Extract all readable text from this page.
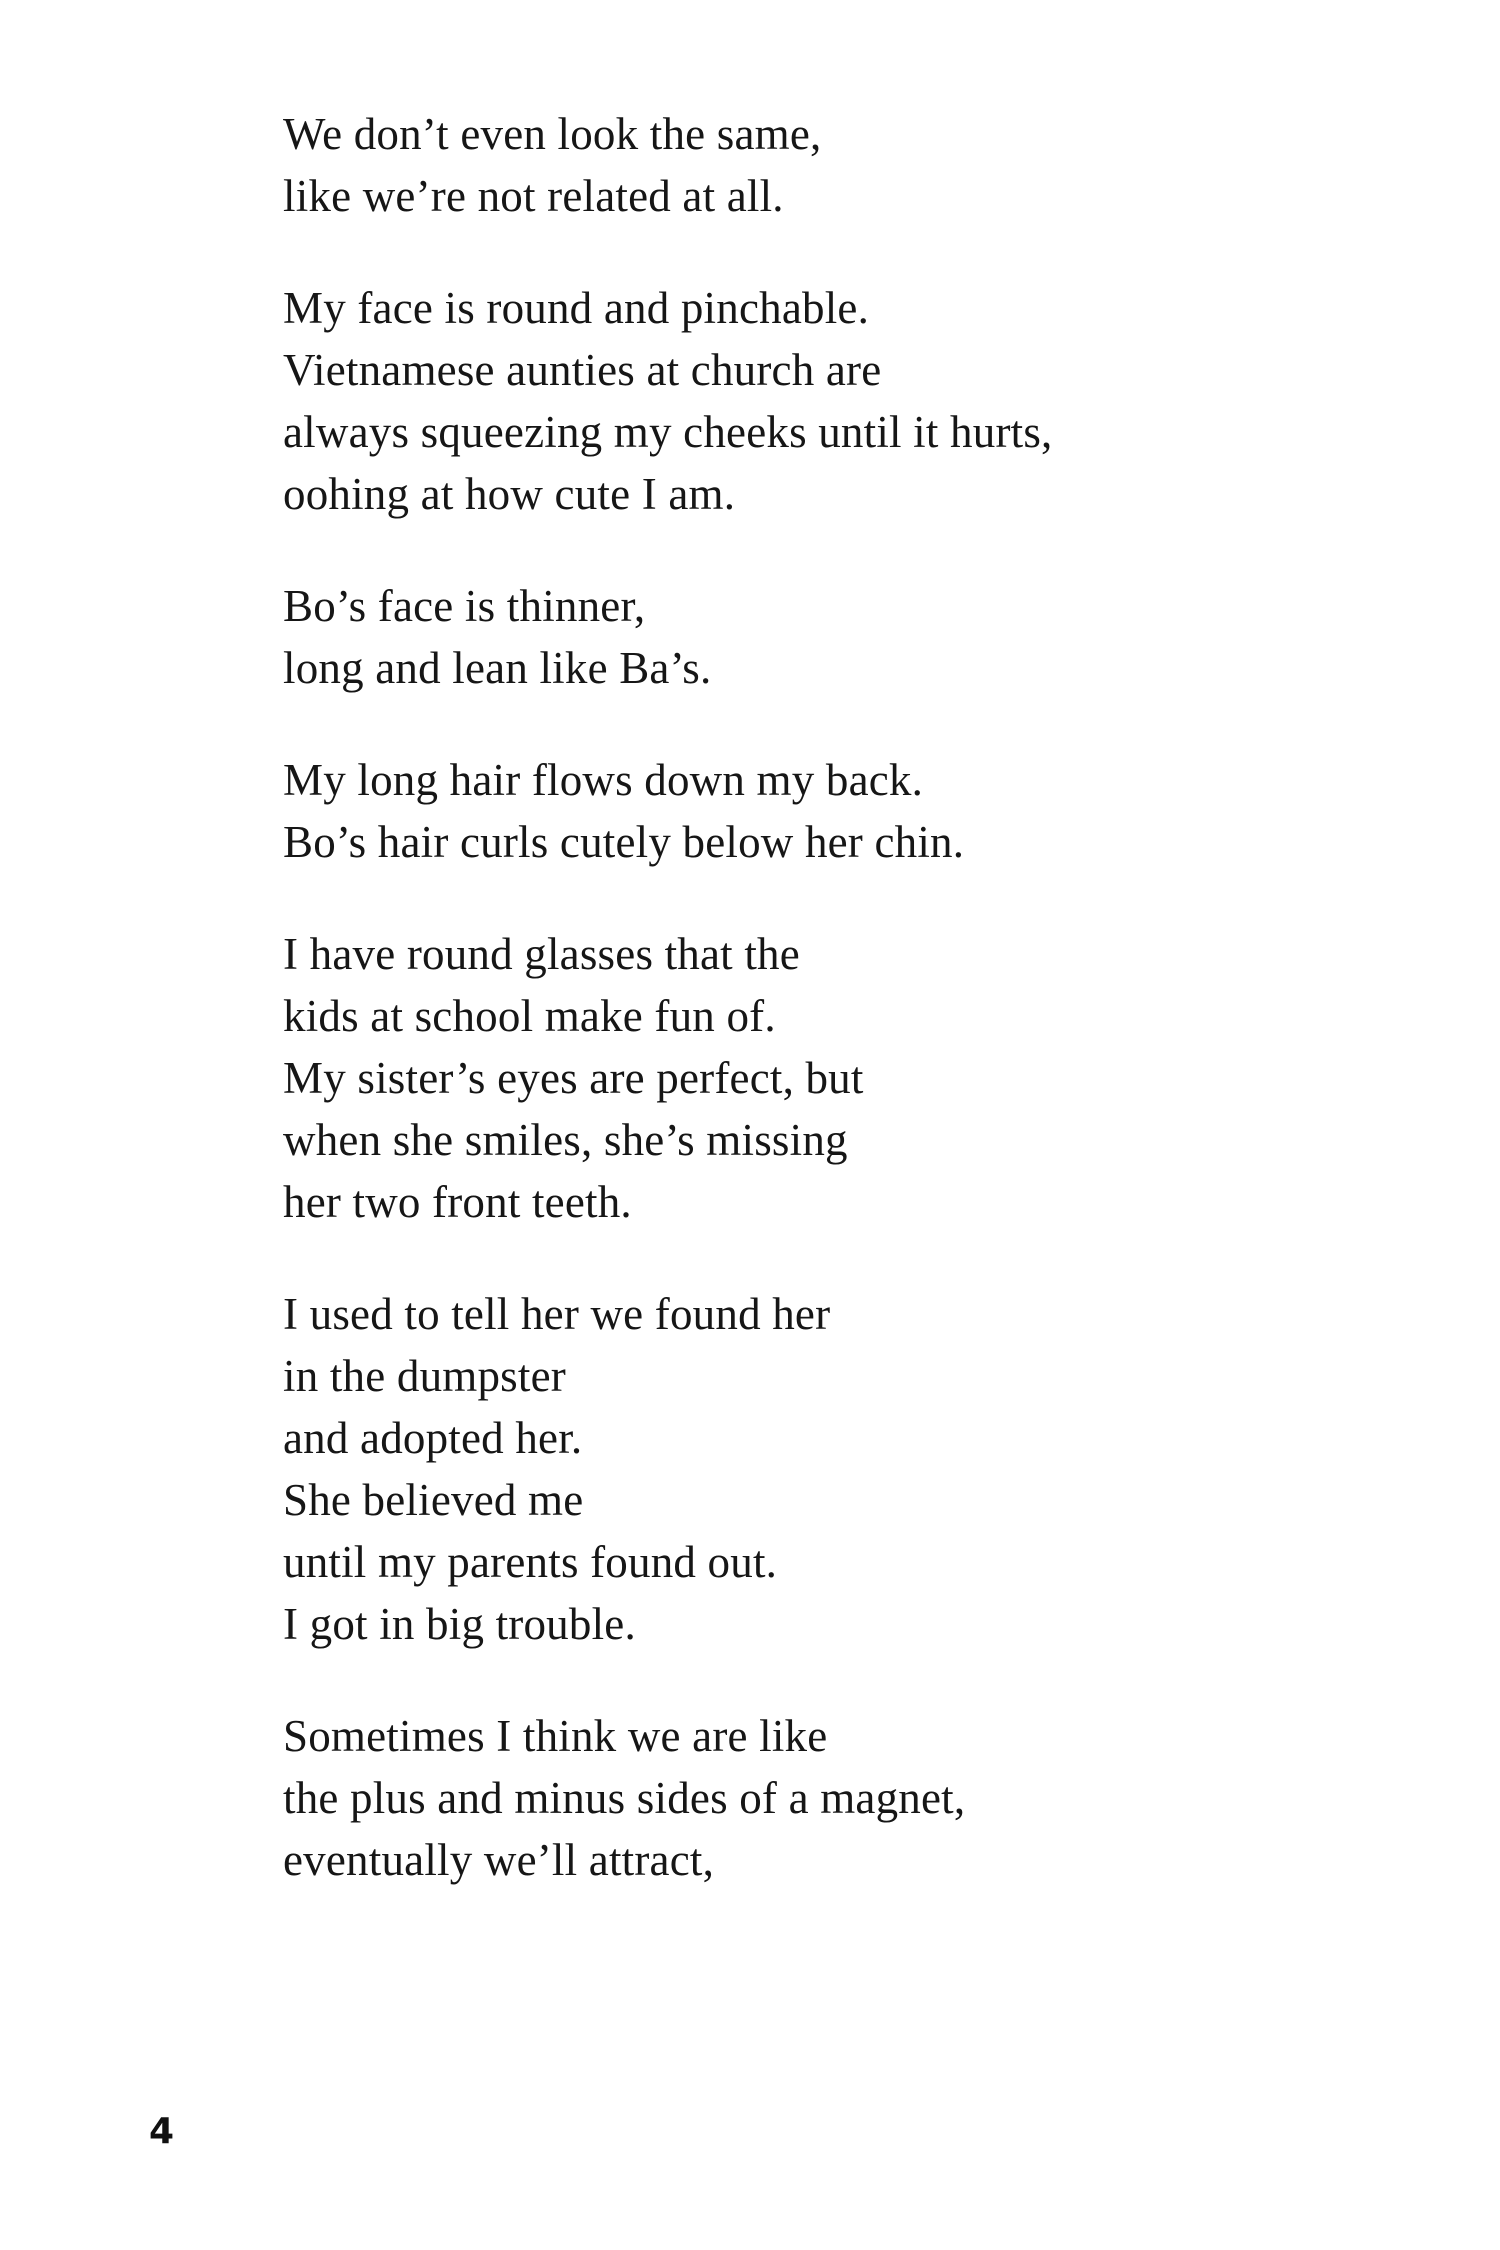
We don’t even look the same,
like we’re not related at all.
My face is round and pinchable.
Vietnamese aunties at church are
always squeezing my cheeks until it hurts,
oohing at how cute I am.
Bo’s face is thinner,
long and lean like Ba’s.
My long hair flows down my back.
Bo’s hair curls cutely below her chin.
I have round glasses that the
kids at school make fun of.
My sister’s eyes are perfect, but
when she smiles, she’s missing
her two front teeth.
I used to tell her we found her
in the dumpster
and adopted her.
She believed me
until my parents found out.
I got in big trouble.
Sometimes I think we are like
the plus and minus sides of a magnet,
eventually we’ll attract,
4
